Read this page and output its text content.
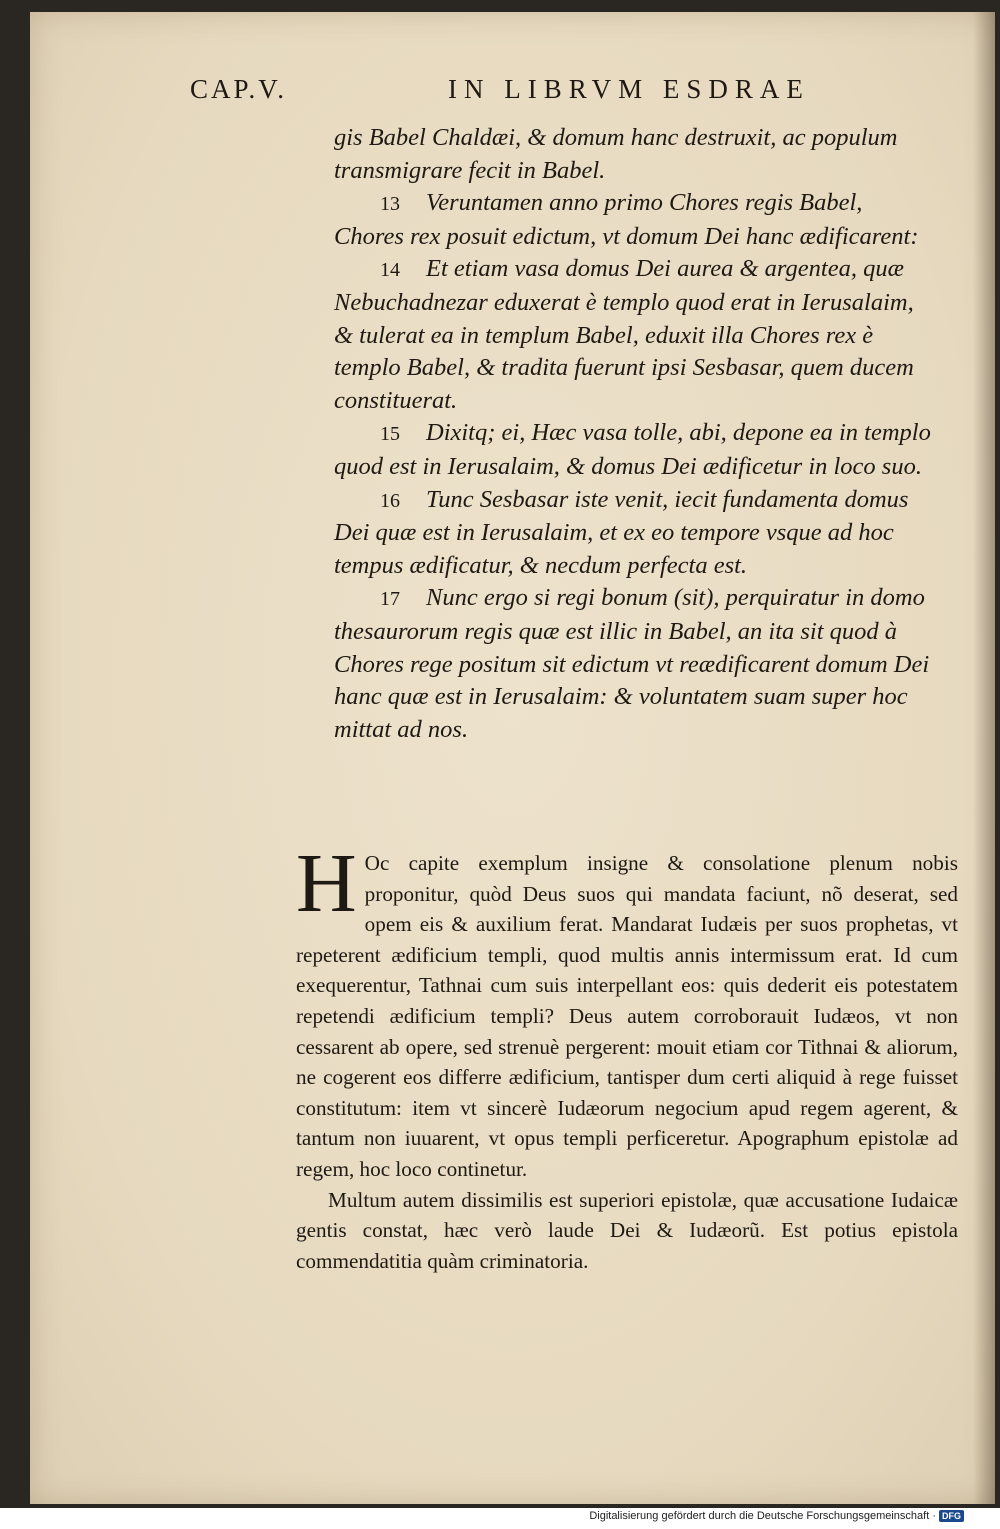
CAP.V.	IN LIBRVM ESDRAE

gis Babel Chaldæi, & domum hanc destruxit, ac populum transmigrare fecit in Babel.

13 Veruntamen anno primo Chores regis Babel, Chores rex posuit edictum, vt domum Dei hanc ædificarent:

14 Et etiam vasa domus Dei aurea & argentea, quæ Nebuchadnezar eduxerat è templo quod erat in Ierusalaim, & tulerat ea in templum Babel, eduxit illa Chores rex è templo Babel, & tradita fuerunt ipsi Sesbasar, quem ducem constituerat.

15 Dixitq; ei, Hæc vasa tolle, abi, depone ea in templo quod est in Ierusalaim, & domus Dei ædificetur in loco suo.

16 Tunc Sesbasar iste venit, iecit fundamenta domus Dei quæ est in Ierusalaim, et ex eo tempore vsque ad hoc tempus ædificatur, & necdum perfecta est.

17 Nunc ergo si regi bonum (sit), perquiratur in domo thesaurorum regis quæ est illic in Babel, an ita sit quod à Chores rege positum sit edictum vt reædificarent domum Dei hanc quæ est in Ierusalaim: & voluntatem suam super hoc mittat ad nos.

H Oc capite exemplum insigne & consolatione plenum nobis proponitur, quòd Deus suos qui mandata faciunt, nõ deserat, sed opem eis & auxilium ferat. Mandarat Iudæis per suos prophetas, vt repeterent ædificium templi, quod multis annis intermissum erat. Id cum exequerentur, Tathnai cum suis interpellant eos: quis dederit eis potestatem repetendi ædificium templi? Deus autem corroborauit Iudæos, vt non cessarent ab opere, sed strenuè pergerent: mouit etiam cor Tithnai & aliorum, ne cogerent eos differre ædificium, tantisper dum certi aliquid à rege fuisset constitutum: item vt sincerè Iudæorum negocium apud regem agerent, & tantum non iuuarent, vt opus templi perficeretur. Apographum epistolæ ad regem, hoc loco continetur.

Multum autem dissimilis est superiori epistolæ, quæ accusatione Iudaicæ gentis constat, hæc verò laude Dei & Iudæorũ. Est potius epistola commendatitia quàm criminatoria.

Digitalisierung gefördert durch die Deutsche Forschungsgemeinschaft · DFG
